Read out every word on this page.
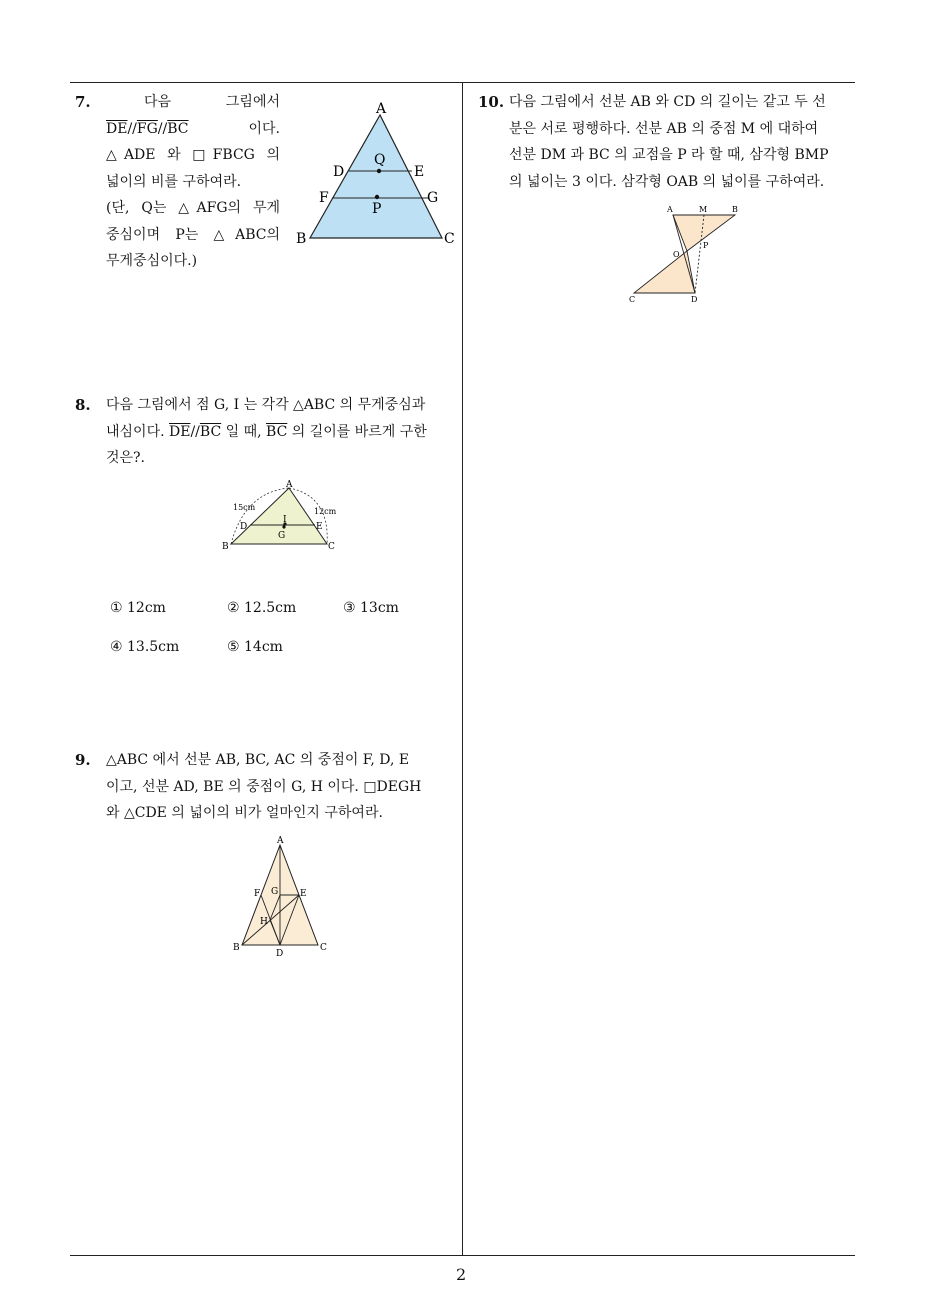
7.	다음	그림에서
$\overline{DE}//\overline{FG}//\overline{BC}$	이다.
△ADE 와 □FBCG 의
넓이의 비를 구하여라.
(단, Q는 △AFG의 무게
중심이며 P는 △ABC의
무게중심이다.)
A
D	E
Q
F	G
P
B	C
8. 다음 그림에서 점 G, I 는 각각 △ABC 의 무게중심과
내심이다. $\overline{DE}//\overline{BC}$ 일 때, $\overline{BC}$ 의 길이를 바르게 구한
것은?.
A
15cm	12cm
D	E
I
G
B	C
① 12cm	② 12.5cm	③ 13cm
④ 13.5cm	⑤ 14cm
9. △ABC 에서 선분 AB, BC, AC 의 중점이 F, D, E
이고, 선분 AD, BE 의 중점이 G, H 이다. □DEGH
와 △CDE 의 넓이의 비가 얼마인지 구하여라.
A
F G E
H
B
D
C
10. 다음 그림에서 선분 AB 와 CD 의 길이는 같고 두 선
분은 서로 평행하다. 선분 AB 의 중점 M 에 대하여
선분 DM 과 BC 의 교점을 P 라 할 때, 삼각형 BMP
의 넓이는 3 이다. 삼각형 OAB 의 넓이를 구하여라.
A	M	B
P
O
C	D
2
